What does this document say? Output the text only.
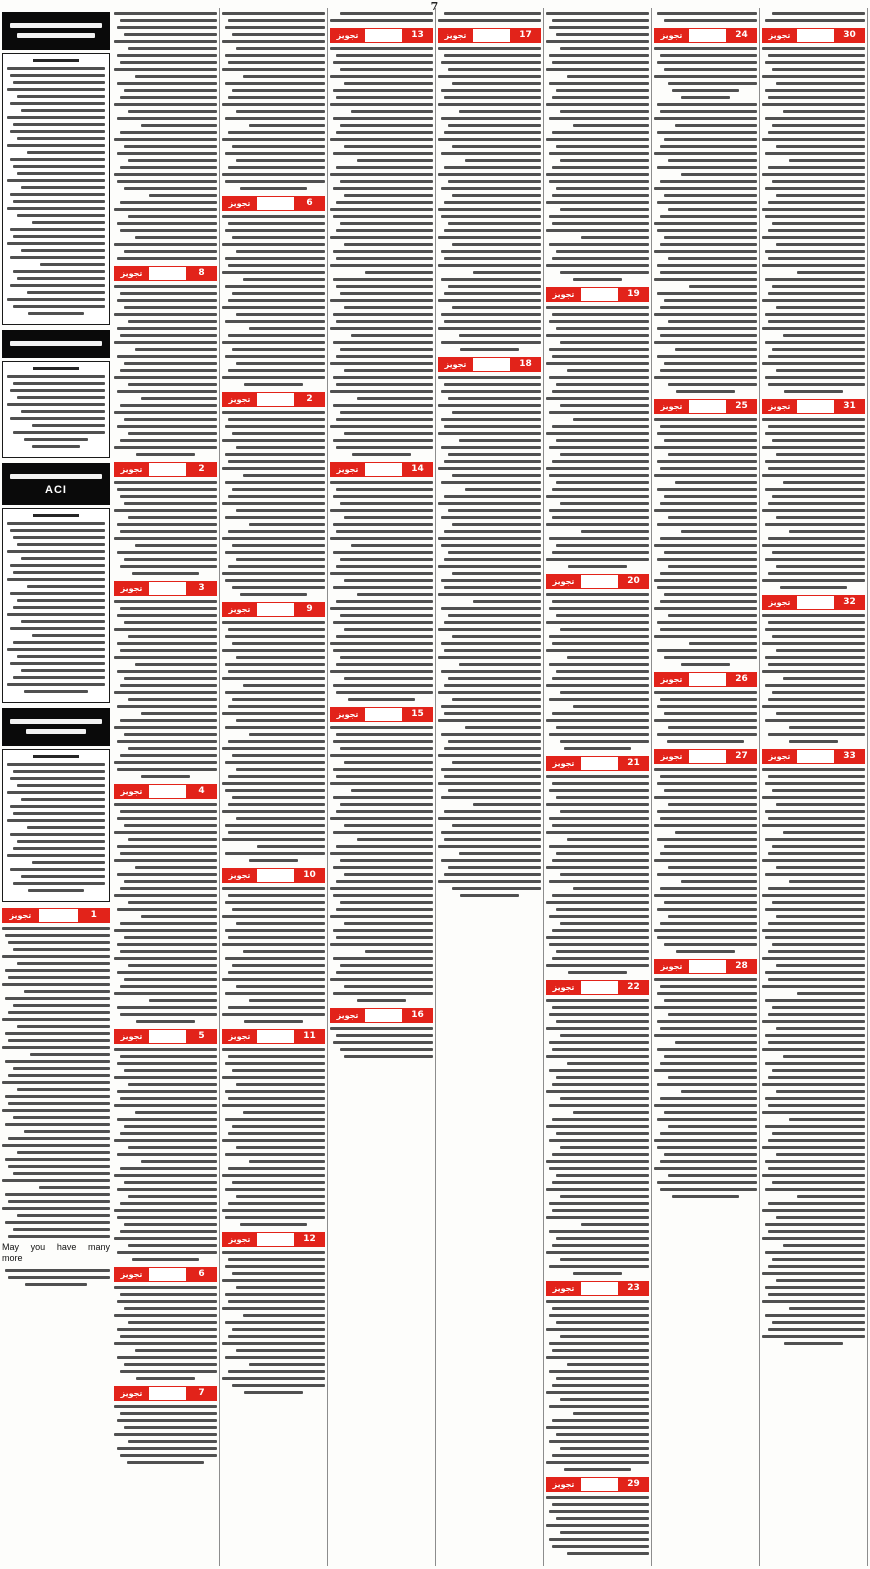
7
ACI
1
تجویز
May you have many more
8
تجویز
2
تجویز
3
تجویز
4
تجویز
5
تجویز
6
تجویز
7
تجویز
6
تجویز
2
تجویز
9
تجویز
10
تجویز
11
تجویز
12
تجویز
13
تجویز
14
تجویز
15
تجویز
16
تجویز
17
تجویز
18
تجویز
19
تجویز
20
تجویز
21
تجویز
22
تجویز
23
تجویز
29
تجویز
24
تجویز
25
تجویز
26
تجویز
27
تجویز
28
تجویز
30
تجویز
31
تجویز
32
تجویز
33
تجویز
